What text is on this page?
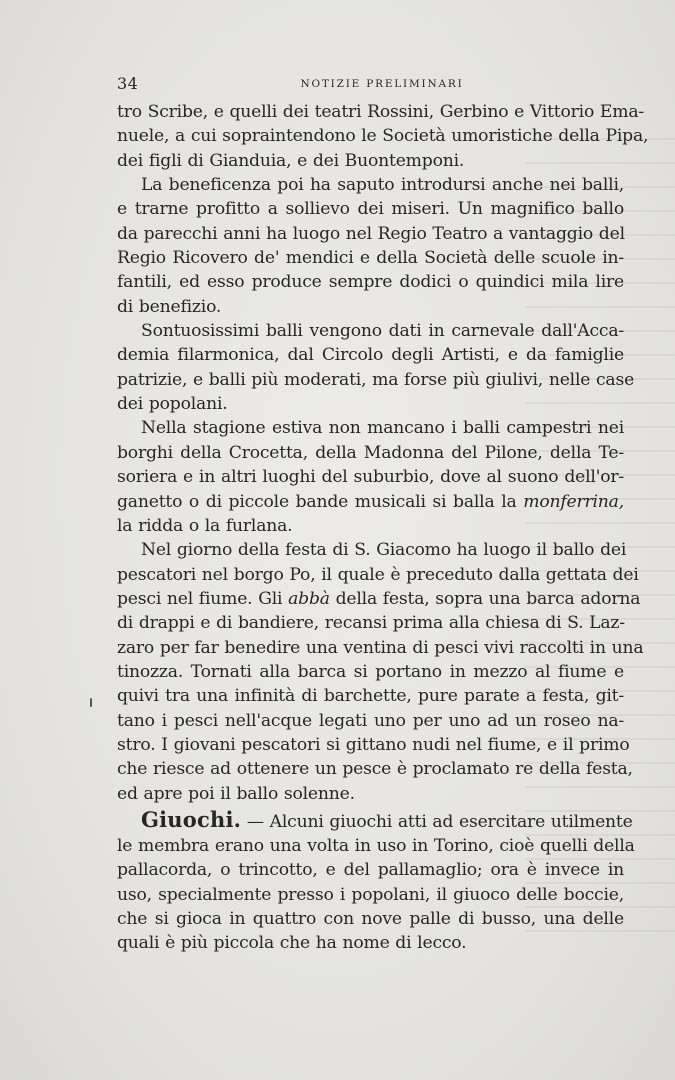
34	NOTIZIE PRELIMINARI
tro Scribe, e quelli dei teatri Rossini, Gerbino e Vittorio Ema-
nuele, a cui sopraintendono le Società umoristiche della Pipa,
dei figli di Gianduia, e dei Buontemponi.
La beneficenza poi ha saputo introdursi anche nei balli,
e trarne profitto a sollievo dei miseri. Un magnifico ballo
da parecchi anni ha luogo nel Regio Teatro a vantaggio del
Regio Ricovero de' mendici e della Società delle scuole in-
fantili, ed esso produce sempre dodici o quindici mila lire
di benefizio.
Sontuosissimi balli vengono dati in carnevale dall'Acca-
demia filarmonica, dal Circolo degli Artisti, e da famiglie
patrizie, e balli più moderati, ma forse più giulivi, nelle case
dei popolani.
Nella stagione estiva non mancano i balli campestri nei
borghi della Crocetta, della Madonna del Pilone, della Te-
soriera e in altri luoghi del suburbio, dove al suono dell'or-
ganetto o di piccole bande musicali si balla la monferrina,
la ridda o la furlana.
Nel giorno della festa di S. Giacomo ha luogo il ballo dei
pescatori nel borgo Po, il quale è preceduto dalla gettata dei
pesci nel fiume. Gli abbà della festa, sopra una barca adorna
di drappi e di bandiere, recansi prima alla chiesa di S. Laz-
zaro per far benedire una ventina di pesci vivi raccolti in una
tinozza. Tornati alla barca si portano in mezzo al fiume e
quivi tra una infinità di barchette, pure parate a festa, git-
tano i pesci nell'acque legati uno per uno ad un roseo na-
stro. I giovani pescatori si gittano nudi nel fiume, e il primo
che riesce ad ottenere un pesce è proclamato re della festa,
ed apre poi il ballo solenne.
Giuochi. — Alcuni giuochi atti ad esercitare utilmente
le membra erano una volta in uso in Torino, cioè quelli della
pallacorda, o trincotto, e del pallamaglio; ora è invece in
uso, specialmente presso i popolani, il giuoco delle boccie,
che si gioca in quattro con nove palle di busso, una delle
quali è più piccola che ha nome di lecco.
